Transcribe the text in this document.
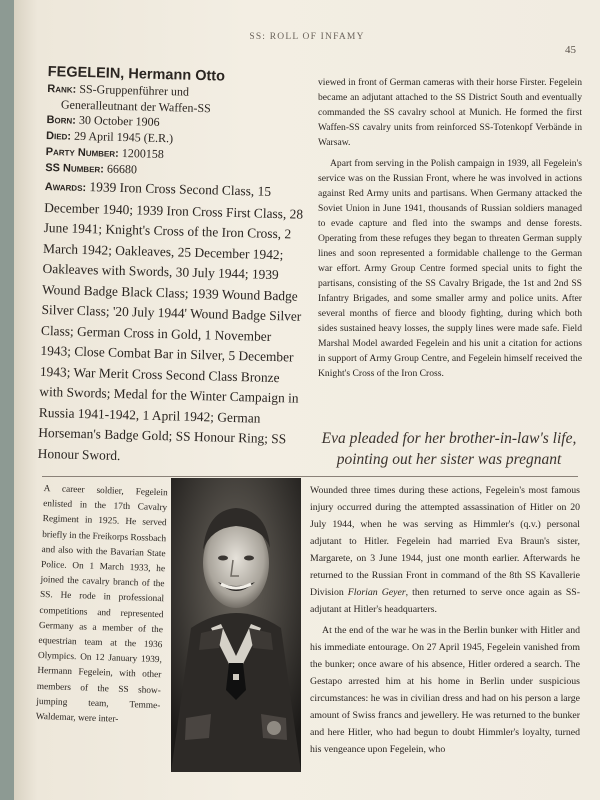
SS: ROLL OF INFAMY
45
FEGELEIN, Hermann Otto
Rank: SS-Gruppenführer und
Generalleutnant der Waffen-SS
Born: 30 October 1906
Died: 29 April 1945 (E.R.)
Party Number: 1200158
SS Number: 66680
Awards: 1939 Iron Cross Second Class, 15 December 1940; 1939 Iron Cross First Class, 28 June 1941; Knight's Cross of the Iron Cross, 2 March 1942; Oakleaves, 25 December 1942; Oakleaves with Swords, 30 July 1944; 1939 Wound Badge Black Class; 1939 Wound Badge Silver Class; '20 July 1944' Wound Badge Silver Class; German Cross in Gold, 1 November 1943; Close Combat Bar in Silver, 5 December 1943; War Merit Cross Second Class Bronze with Swords; Medal for the Winter Campaign in Russia 1941-1942, 1 April 1942; German Horseman's Badge Gold; SS Honour Ring; SS Honour Sword.

viewed in front of German cameras with their horse Firster. Fegelein became an adjutant attached to the SS District South and eventually commanded the SS cavalry school at Munich. He formed the first Waffen-SS cavalry units from reinforced SS-Totenkopf Verbände in Warsaw.

Apart from serving in the Polish campaign in 1939, all Fegelein's service was on the Russian Front, where he was involved in actions against Red Army units and partisans. When Germany attacked the Soviet Union in June 1941, thousands of Russian soldiers managed to evade capture and fled into the swamps and dense forests. Operating from these refuges they began to threaten German supply lines and soon represented a formidable challenge to the German war effort. Army Group Centre formed special units to fight the partisans, consisting of the SS Cavalry Brigade, the 1st and 2nd SS Infantry Brigades, and some smaller army and police units. After several months of fierce and bloody fighting, during which both sides sustained heavy losses, the supply lines were made safe. Field Marshal Model awarded Fegelein and his unit a citation for actions in support of Army Group Centre, and Fegelein himself received the Knight's Cross of the Iron Cross.

Eva pleaded for her brother-in-law's life, pointing out her sister was pregnant

A career soldier, Fegelein enlisted in the 17th Cavalry Regiment in 1925. He served briefly in the Freikorps Rossbach and also with the Bavarian State Police. On 1 March 1933, he joined the cavalry branch of the SS. He rode in professional competitions and represented Germany as a member of the equestrian team at the 1936 Olympics. On 12 January 1939, Hermann Fegelein, with other members of the SS show-jumping team, Temme-Waldemar, were inter-

Wounded three times during these actions, Fegelein's most famous injury occurred during the attempted assassination of Hitler on 20 July 1944, when he was serving as Himmler's (q.v.) personal adjutant to Hitler. Fegelein had married Eva Braun's sister, Margarete, on 3 June 1944, just one month earlier. Afterwards he returned to the Russian Front in command of the 8th SS Kavallerie Division Florian Geyer, then returned to serve once again as SS-adjutant at Hitler's headquarters.

At the end of the war he was in the Berlin bunker with Hitler and his immediate entourage. On 27 April 1945, Fegelein vanished from the bunker; once aware of his absence, Hitler ordered a search. The Gestapo arrested him at his home in Berlin under suspicious circumstances: he was in civilian dress and had on his person a large amount of Swiss francs and jewellery. He was returned to the bunker and here Hitler, who had begun to doubt Himmler's loyalty, turned his vengeance upon Fegelein, who
